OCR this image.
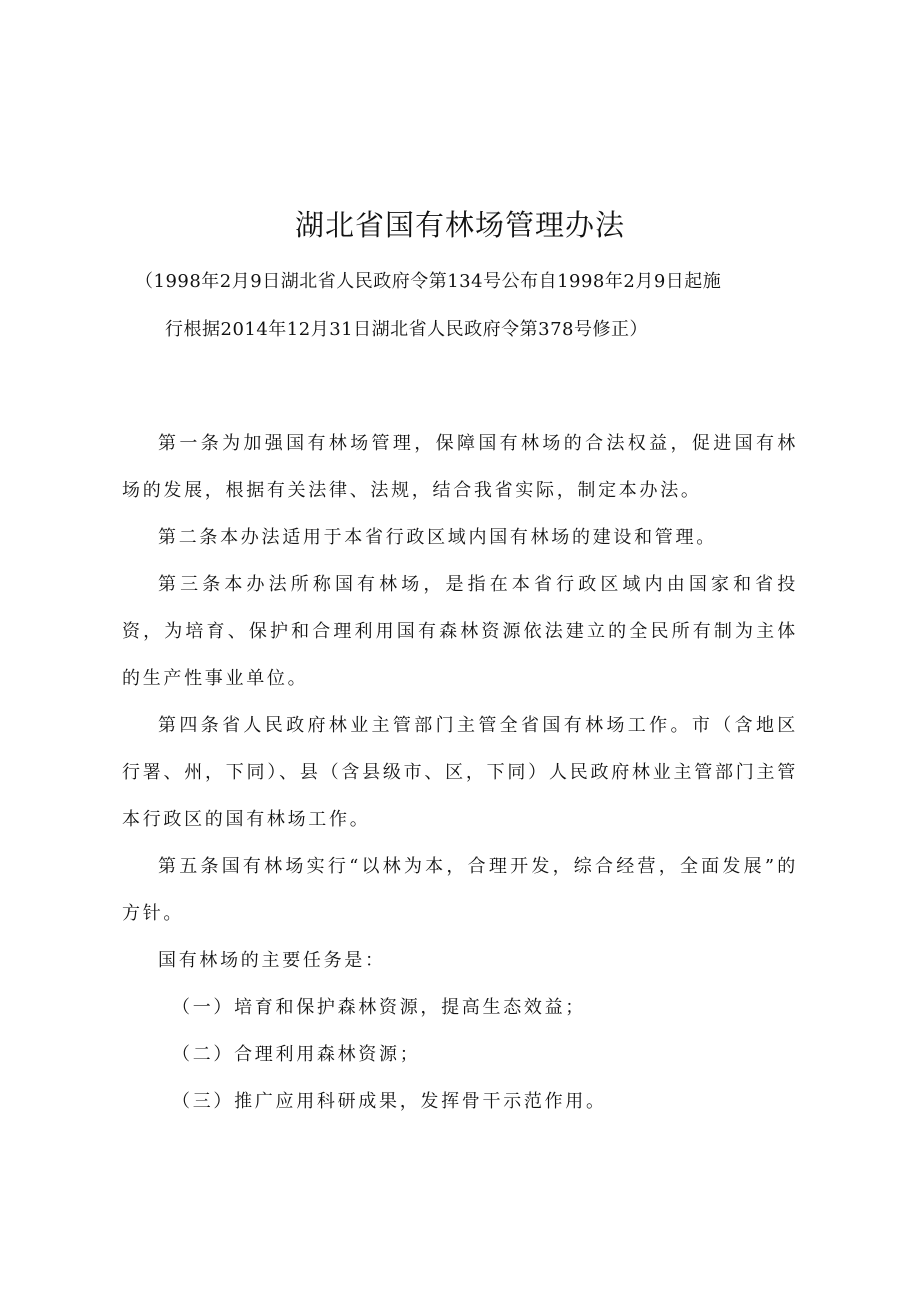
湖北省国有林场管理办法
（1998年2月9日湖北省人民政府令第134号公布自1998年2月9日起施
行根据2014年12月31日湖北省人民政府令第378号修正）

第一条为加强国有林场管理，保障国有林场的合法权益，促进国有林场的发展，根据有关法律、法规，结合我省实际，制定本办法。

第二条本办法适用于本省行政区域内国有林场的建设和管理。

第三条本办法所称国有林场，是指在本省行政区域内由国家和省投资，为培育、保护和合理利用国有森林资源依法建立的全民所有制为主体的生产性事业单位。

第四条省人民政府林业主管部门主管全省国有林场工作。市（含地区行署、州，下同）、县（含县级市、区，下同）人民政府林业主管部门主管本行政区的国有林场工作。

第五条国有林场实行“以林为本，合理开发，综合经营，全面发展”的方针。

国有林场的主要任务是：

（一）培育和保护森林资源，提高生态效益；

（二）合理利用森林资源；

（三）推广应用科研成果，发挥骨干示范作用。
